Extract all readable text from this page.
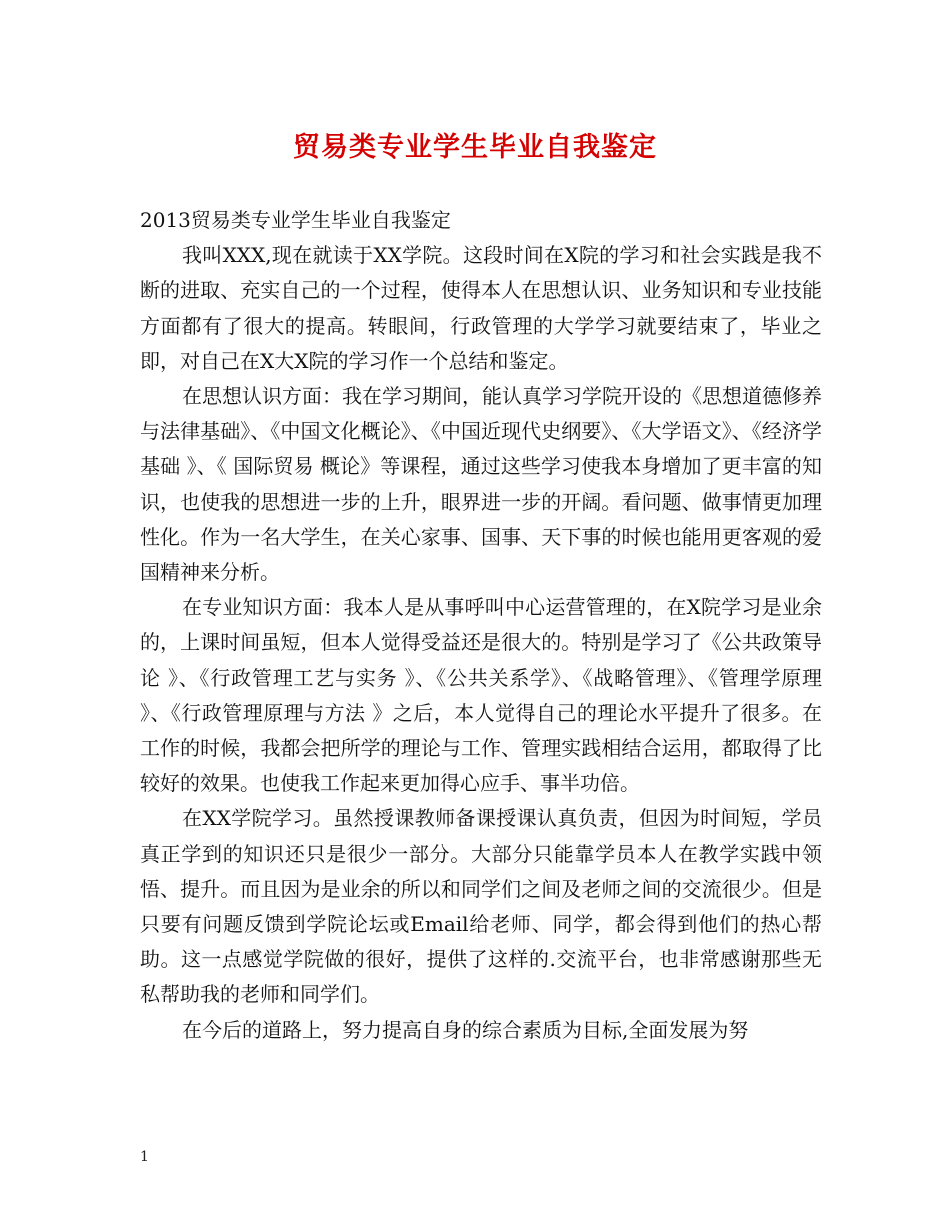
贸易类专业学生毕业自我鉴定

2013贸易类专业学生毕业自我鉴定

我叫XXX,现在就读于XX学院。这段时间在X院的学习和社会实践是我不断的进取、充实自己的一个过程，使得本人在思想认识、业务知识和专业技能方面都有了很大的提高。转眼间，行政管理的大学学习就要结束了，毕业之即，对自己在X大X院的学习作一个总结和鉴定。

在思想认识方面：我在学习期间，能认真学习学院开设的《思想道德修养与法律基础》、《中国文化概论》、《中国近现代史纲要》、《大学语文》、《经济学基础 》、《 国际贸易 概论》等课程，通过这些学习使我本身增加了更丰富的知识，也使我的思想进一步的上升，眼界进一步的开阔。看问题、做事情更加理性化。作为一名大学生，在关心家事、国事、天下事的时候也能用更客观的爱国精神来分析。

在专业知识方面：我本人是从事呼叫中心运营管理的，在X院学习是业余的，上课时间虽短，但本人觉得受益还是很大的。特别是学习了《公共政策导论 》、《行政管理工艺与实务 》、《公共关系学》、《战略管理》、《管理学原理 》、《行政管理原理与方法 》之后，本人觉得自己的理论水平提升了很多。在工作的时候，我都会把所学的理论与工作、管理实践相结合运用，都取得了比较好的效果。也使我工作起来更加得心应手、事半功倍。

在XX学院学习。虽然授课教师备课授课认真负责，但因为时间短，学员真正学到的知识还只是很少一部分。大部分只能靠学员本人在教学实践中领悟、提升。而且因为是业余的所以和同学们之间及老师之间的交流很少。但是只要有问题反馈到学院论坛或Email给老师、同学，都会得到他们的热心帮助。这一点感觉学院做的很好，提供了这样的.交流平台，也非常感谢那些无私帮助我的老师和同学们。

在今后的道路上，努力提高自身的综合素质为目标,全面发展为努

1
